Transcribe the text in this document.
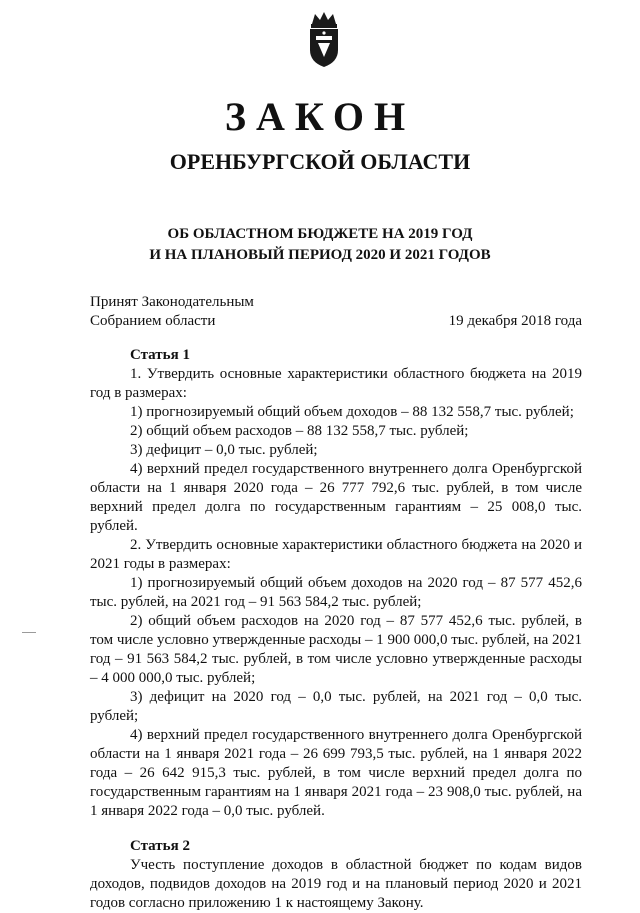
ЗАКОН
ОРЕНБУРГСКОЙ ОБЛАСТИ
ОБ ОБЛАСТНОМ БЮДЖЕТЕ НА 2019 ГОД
И НА ПЛАНОВЫЙ ПЕРИОД 2020 И 2021 ГОДОВ
Принят Законодательным
Собранием области	19 декабря 2018 года
Статья 1

1. Утвердить основные характеристики областного бюджета на 2019 год в размерах:

1) прогнозируемый общий объем доходов – 88 132 558,7 тыс. рублей;

2) общий объем расходов – 88 132 558,7 тыс. рублей;

3) дефицит – 0,0 тыс. рублей;

4) верхний предел государственного внутреннего долга Оренбургской области на 1 января 2020 года – 26 777 792,6 тыс. рублей, в том числе верхний предел долга по государственным гарантиям – 25 008,0 тыс. рублей.

2. Утвердить основные характеристики областного бюджета на 2020 и 2021 годы в размерах:

1) прогнозируемый общий объем доходов на 2020 год – 87 577 452,6 тыс. рублей, на 2021 год – 91 563 584,2 тыс. рублей;

2) общий объем расходов на 2020 год – 87 577 452,6 тыс. рублей, в том числе условно утвержденные расходы – 1 900 000,0 тыс. рублей, на 2021 год – 91 563 584,2 тыс. рублей, в том числе условно утвержденные расходы – 4 000 000,0 тыс. рублей;

3) дефицит на 2020 год – 0,0 тыс. рублей, на 2021 год – 0,0 тыс. рублей;

4) верхний предел государственного внутреннего долга Оренбургской области на 1 января 2021 года – 26 699 793,5 тыс. рублей, на 1 января 2022 года – 26 642 915,3 тыс. рублей, в том числе верхний предел долга по государственным гарантиям на 1 января 2021 года – 23 908,0 тыс. рублей, на 1 января 2022 года – 0,0 тыс. рублей.

Статья 2

Учесть поступление доходов в областной бюджет по кодам видов доходов, подвидов доходов на 2019 год и на плановый период 2020 и 2021 годов согласно приложению 1 к настоящему Закону.
